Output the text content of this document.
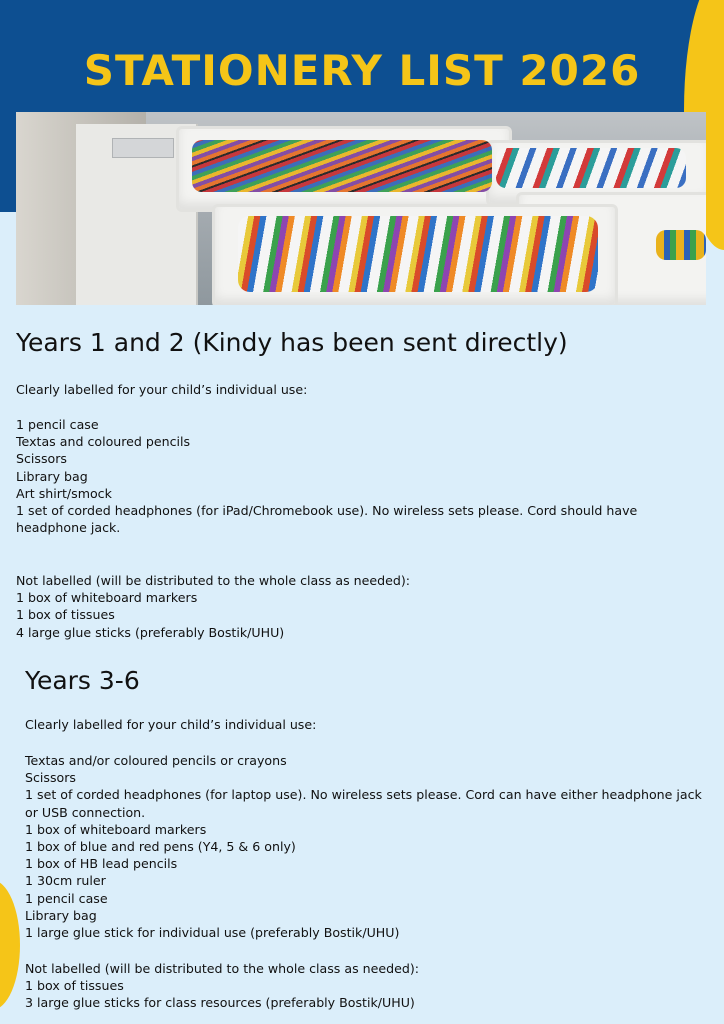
STATIONERY LIST 2026
Years 1 and 2 (Kindy has been sent directly)
Clearly labelled for your child’s individual use:
1 pencil case
Textas and coloured pencils
Scissors
Library bag
Art shirt/smock
1 set of corded headphones (for iPad/Chromebook use). No wireless sets please. Cord should have headphone jack.
Not labelled (will be distributed to the whole class as needed):
1 box of whiteboard markers
1 box of tissues
4 large glue sticks (preferably Bostik/UHU)
Years 3-6
Clearly labelled for your child’s individual use:
Textas and/or coloured pencils or crayons
Scissors
1 set of corded headphones (for laptop use). No wireless sets please. Cord can have either headphone jack or USB connection.
1 box of whiteboard markers
1 box of blue and red pens (Y4, 5 & 6 only)
1 box of HB lead pencils
1 30cm ruler
1 pencil case
Library bag
1 large glue stick for individual use (preferably Bostik/UHU)
Not labelled (will be distributed to the whole class as needed):
1 box of tissues
3 large glue sticks for class resources (preferably Bostik/UHU)
